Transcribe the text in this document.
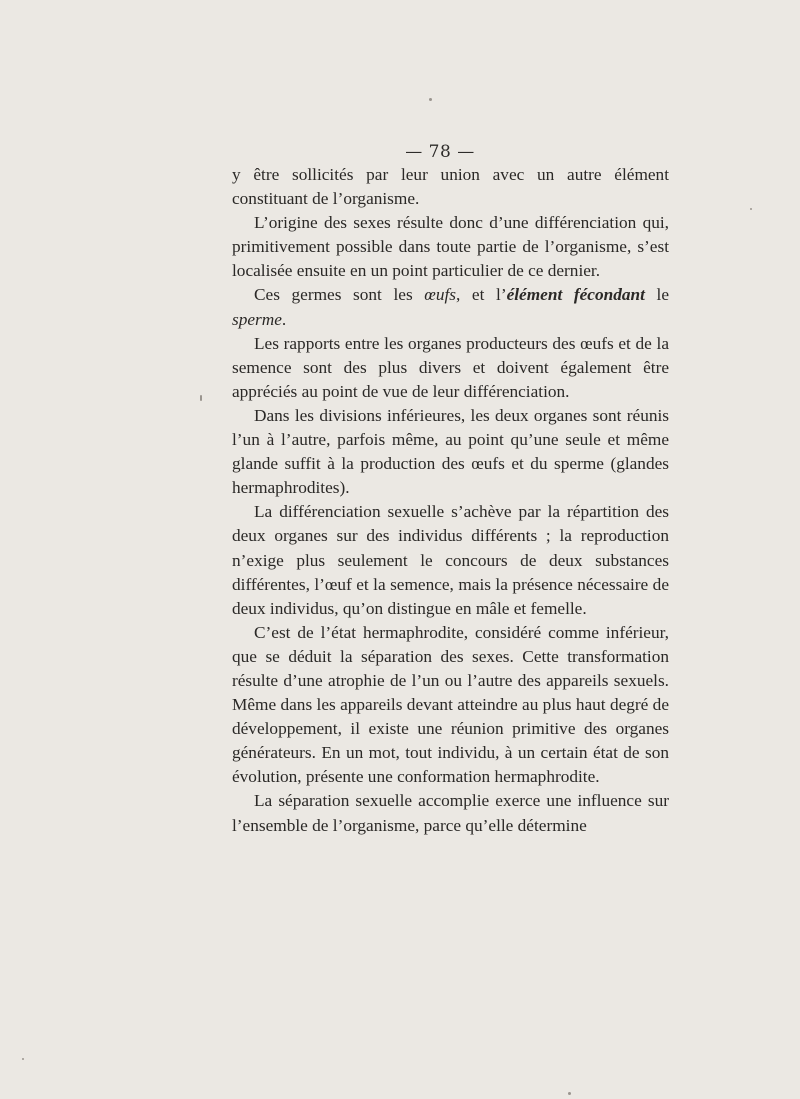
— 78 —

y être sollicités par leur union avec un autre élément constituant de l’organisme.

L’origine des sexes résulte donc d’une différenciation qui, primitivement possible dans toute partie de l’organisme, s’est localisée ensuite en un point particulier de ce dernier.

Ces germes sont les œufs, et l’élément fécondant le sperme.

Les rapports entre les organes producteurs des œufs et de la semence sont des plus divers et doivent également être appréciés au point de vue de leur différenciation.

Dans les divisions inférieures, les deux organes sont réunis l’un à l’autre, parfois même, au point qu’une seule et même glande suffit à la production des œufs et du sperme (glandes hermaphrodites).

La différenciation sexuelle s’achève par la répartition des deux organes sur des individus différents ; la reproduction n’exige plus seulement le concours de deux substances différentes, l’œuf et la semence, mais la présence nécessaire de deux individus, qu’on distingue en mâle et femelle.

C’est de l’état hermaphrodite, considéré comme inférieur, que se déduit la séparation des sexes. Cette transformation résulte d’une atrophie de l’un ou l’autre des appareils sexuels. Même dans les appareils devant atteindre au plus haut degré de développement, il existe une réunion primitive des organes générateurs. En un mot, tout individu, à un certain état de son évolution, présente une conformation hermaphrodite.

La séparation sexuelle accomplie exerce une influence sur l’ensemble de l’organisme, parce qu’elle détermine
